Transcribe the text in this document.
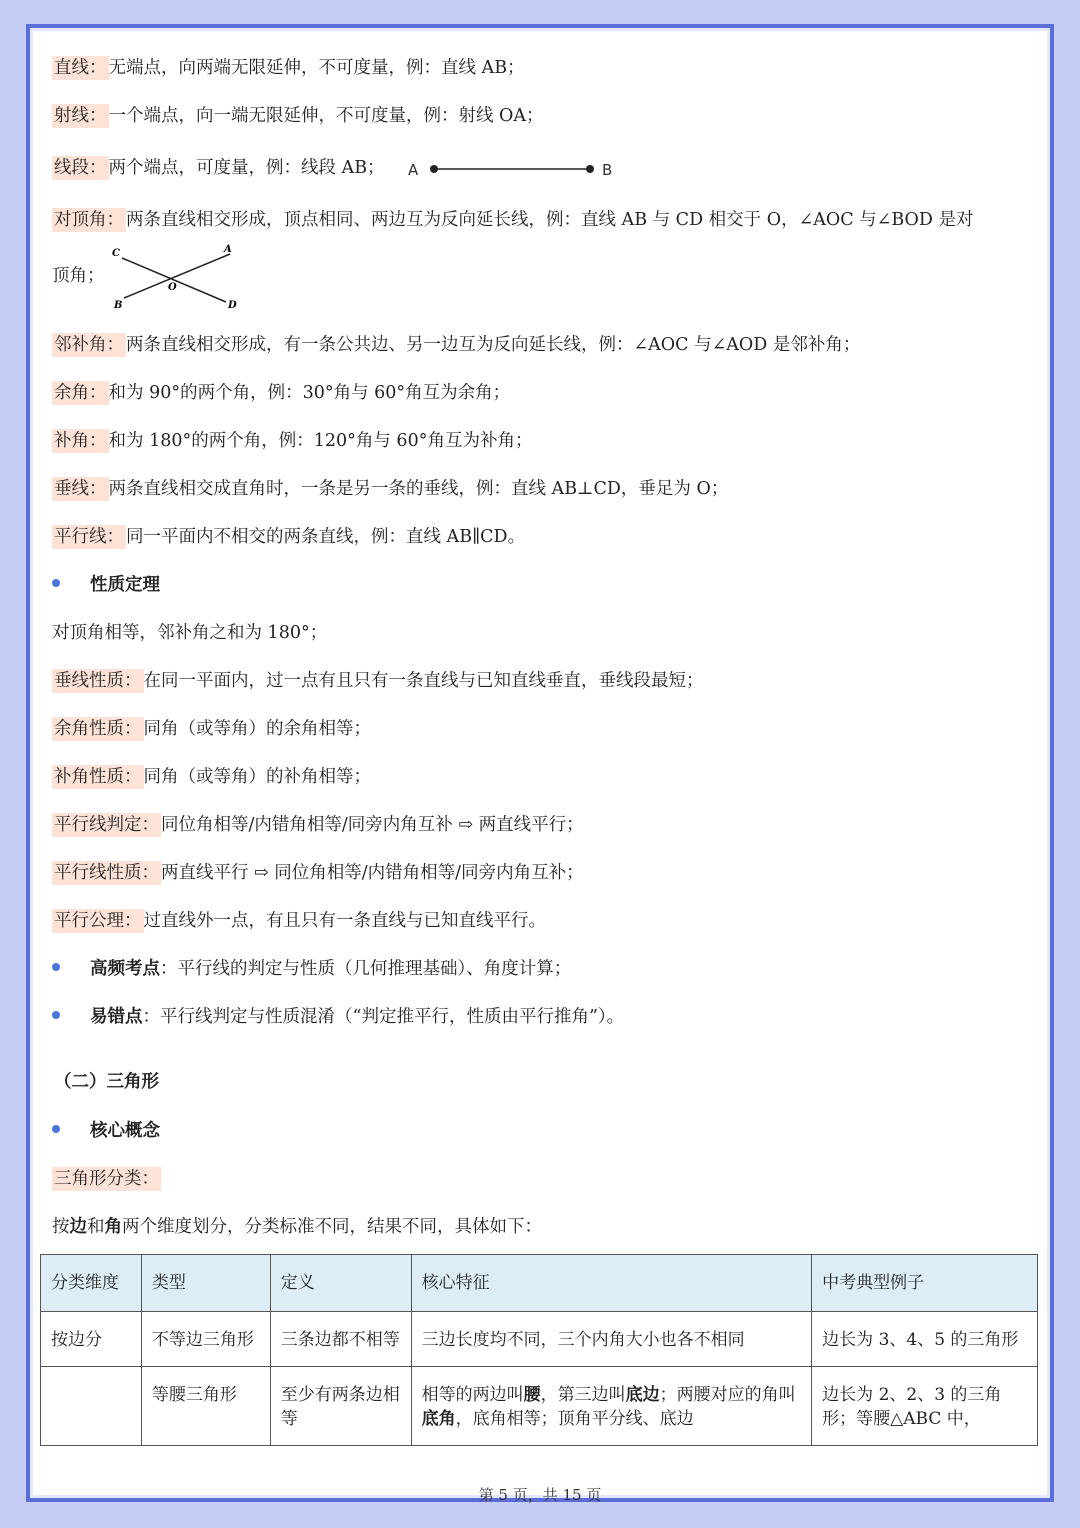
直线： 无端点，向两端无限延伸，不可度量，例：直线 AB；
射线： 一个端点，向一端无限延伸，不可度量，例：射线 OA；
线段： 两个端点，可度量，例：线段 AB； A	B
对顶角： 两条直线相交形成，顶点相同、两边互为反向延长线，例：直线 AB 与 CD 相交于 O，∠AOC 与∠BOD 是对
顶角；
C	A
O
B	D
邻补角： 两条直线相交形成，有一条公共边、另一边互为反向延长线，例：∠AOC 与∠AOD 是邻补角；
余角： 和为 90°的两个角，例：30°角与 60°角互为余角；
补角： 和为 180°的两个角，例：120°角与 60°角互为补角；
垂线： 两条直线相交成直角时，一条是另一条的垂线，例：直线 AB⊥CD，垂足为 O；
平行线： 同一平面内不相交的两条直线，例：直线 AB∥CD。
性质定理
对顶角相等，邻补角之和为 180°；
垂线性质： 在同一平面内，过一点有且只有一条直线与已知直线垂直，垂线段最短；
余角性质： 同角（或等角）的余角相等；
补角性质： 同角（或等角）的补角相等；
平行线判定： 同位角相等/内错角相等/同旁内角互补 ⇨ 两直线平行；
平行线性质： 两直线平行 ⇨ 同位角相等/内错角相等/同旁内角互补；
平行公理： 过直线外一点，有且只有一条直线与已知直线平行。
高频考点：平行线的判定与性质（几何推理基础）、角度计算；
易错点：平行线判定与性质混淆（“判定推平行，性质由平行推角”）。
（二）三角形
核心概念
三角形分类：
按边和角两个维度划分，分类标准不同，结果不同，具体如下：
分类维度	类型	定义	核心特征	中考典型例子
按边分	不等边三角形	三条边都不相等	三边长度均不同，三个内角大小也各不相同	边长为 3、4、5 的三角形
	等腰三角形	至少有两条边相等	相等的两边叫腰，第三边叫底边；两腰对应的角叫底角，底角相等；顶角平分线、底边	边长为 2、2、3 的三角形；等腰△ABC 中，
第 5 页，共 15 页
